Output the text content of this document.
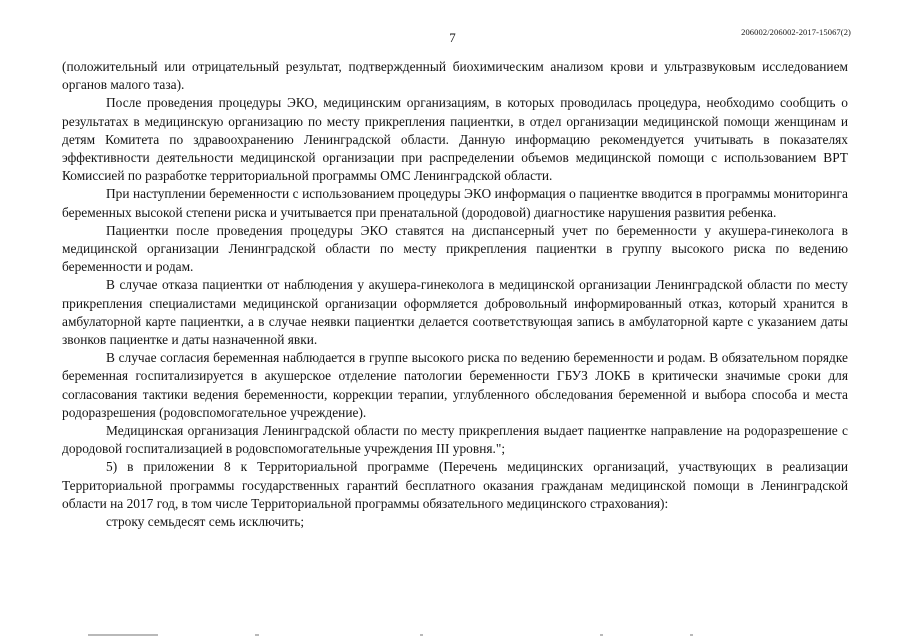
206002/206002-2017-15067(2)
7

(положительный или отрицательный результат, подтвержденный биохимическим анализом крови и ультразвуковым исследованием органов малого таза).

После проведения процедуры ЭКО, медицинским организациям, в которых проводилась процедура, необходимо сообщить о результатах в медицинскую организацию по месту прикрепления пациентки, в отдел организации медицинской помощи женщинам и детям Комитета по здравоохранению Ленинградской области. Данную информацию рекомендуется учитывать в показателях эффективности деятельности медицинской организации при распределении объемов медицинской помощи с использованием ВРТ Комиссией по разработке территориальной программы ОМС Ленинградской области.

При наступлении беременности с использованием процедуры ЭКО информация о пациентке вводится в программы мониторинга беременных высокой степени риска и учитывается при пренатальной (дородовой) диагностике нарушения развития ребенка.

Пациентки после проведения процедуры ЭКО ставятся на диспансерный учет по беременности у акушера-гинеколога в медицинской организации Ленинградской области по месту прикрепления пациентки в группу высокого риска по ведению беременности и родам.

В случае отказа пациентки от наблюдения у акушера-гинеколога в медицинской организации Ленинградской области по месту прикрепления специалистами медицинской организации оформляется добровольный информированный отказ, который хранится в амбулаторной карте пациентки, а в случае неявки пациентки делается соответствующая запись в амбулаторной карте с указанием даты звонков пациентке и даты назначенной явки.

В случае согласия беременная наблюдается в группе высокого риска по ведению беременности и родам. В обязательном порядке беременная госпитализируется в акушерское отделение патологии беременности ГБУЗ ЛОКБ в критически значимые сроки для согласования тактики ведения беременности, коррекции терапии, углубленного обследования беременной и выбора способа и места родоразрешения (родовспомогательное учреждение).

Медицинская организация Ленинградской области по месту прикрепления выдает пациентке направление на родоразрешение с дородовой госпитализацией в родовспомогательные учреждения III уровня.";

5) в приложении 8 к Территориальной программе (Перечень медицинских организаций, участвующих в реализации Территориальной программы государственных гарантий бесплатного оказания гражданам медицинской помощи в Ленинградской области на 2017 год, в том числе Территориальной программы обязательного медицинского страхования):

строку семьдесят семь исключить;
